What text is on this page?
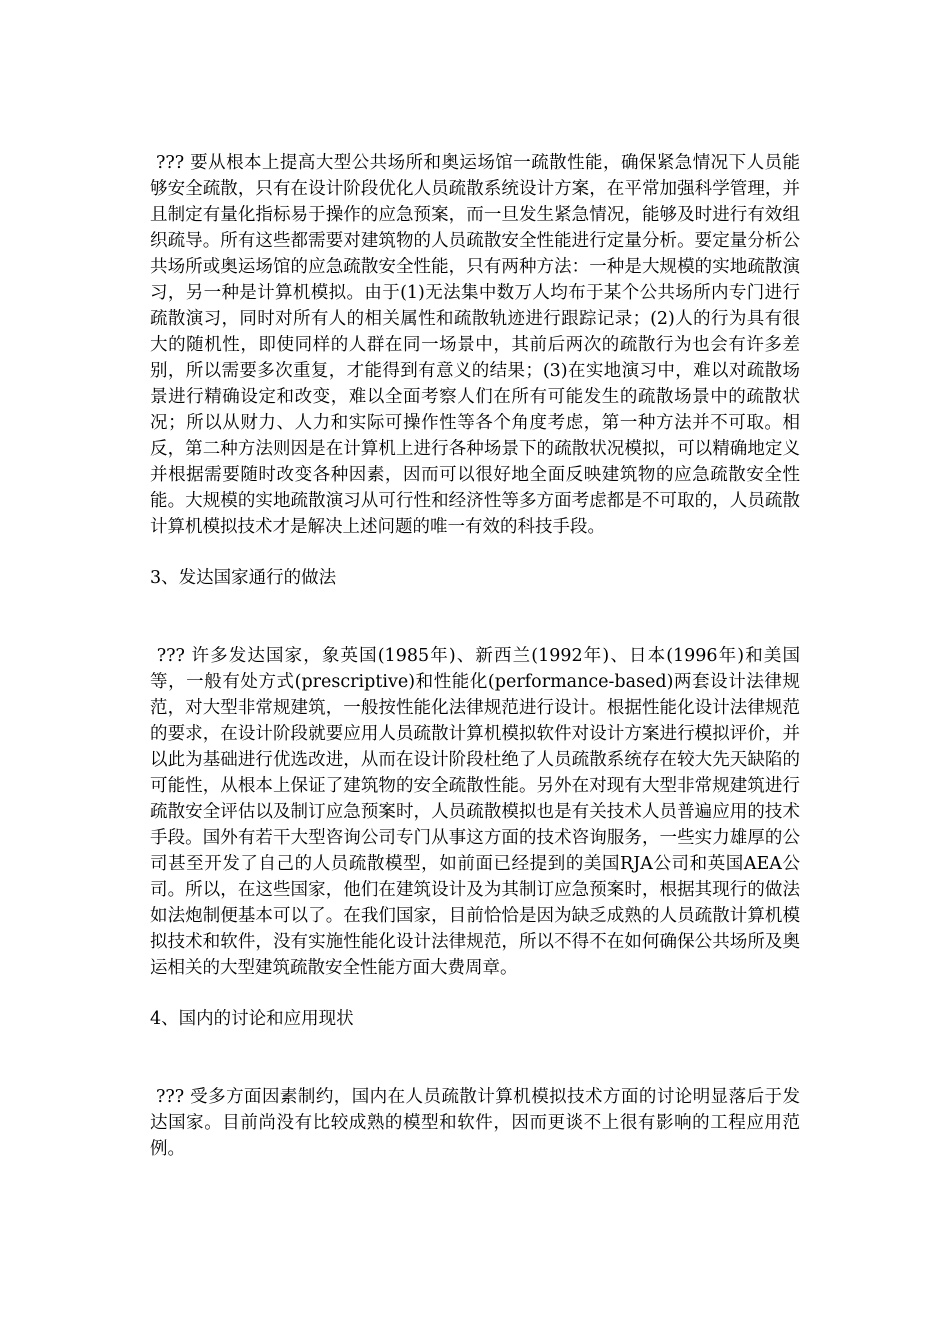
??? 要从根本上提高大型公共场所和奥运场馆一疏散性能，确保紧急情况下人员能够安全疏散，只有在设计阶段优化人员疏散系统设计方案，在平常加强科学管理，并且制定有量化指标易于操作的应急预案，而一旦发生紧急情况，能够及时进行有效组织疏导。所有这些都需要对建筑物的人员疏散安全性能进行定量分析。要定量分析公共场所或奥运场馆的应急疏散安全性能，只有两种方法：一种是大规模的实地疏散演习，另一种是计算机模拟。由于(1)无法集中数万人均布于某个公共场所内专门进行疏散演习，同时对所有人的相关属性和疏散轨迹进行跟踪记录；(2)人的行为具有很大的随机性，即使同样的人群在同一场景中，其前后两次的疏散行为也会有许多差别，所以需要多次重复，才能得到有意义的结果；(3)在实地演习中，难以对疏散场景进行精确设定和改变，难以全面考察人们在所有可能发生的疏散场景中的疏散状况；所以从财力、人力和实际可操作性等各个角度考虑，第一种方法并不可取。相反，第二种方法则因是在计算机上进行各种场景下的疏散状况模拟，可以精确地定义并根据需要随时改变各种因素，因而可以很好地全面反映建筑物的应急疏散安全性能。大规模的实地疏散演习从可行性和经济性等多方面考虑都是不可取的，人员疏散计算机模拟技术才是解决上述问题的唯一有效的科技手段。

3、发达国家通行的做法

??? 许多发达国家，象英国(1985年)、新西兰(1992年)、日本(1996年)和美国等，一般有处方式(prescriptive)和性能化(performance-based)两套设计法律规范，对大型非常规建筑，一般按性能化法律规范进行设计。根据性能化设计法律规范的要求，在设计阶段就要应用人员疏散计算机模拟软件对设计方案进行模拟评价，并以此为基础进行优选改进，从而在设计阶段杜绝了人员疏散系统存在较大先天缺陷的可能性，从根本上保证了建筑物的安全疏散性能。另外在对现有大型非常规建筑进行疏散安全评估以及制订应急预案时，人员疏散模拟也是有关技术人员普遍应用的技术手段。国外有若干大型咨询公司专门从事这方面的技术咨询服务，一些实力雄厚的公司甚至开发了自己的人员疏散模型，如前面已经提到的美国RJA公司和英国AEA公司。所以，在这些国家，他们在建筑设计及为其制订应急预案时，根据其现行的做法如法炮制便基本可以了。在我们国家，目前恰恰是因为缺乏成熟的人员疏散计算机模拟技术和软件，没有实施性能化设计法律规范，所以不得不在如何确保公共场所及奥运相关的大型建筑疏散安全性能方面大费周章。

4、国内的讨论和应用现状

??? 受多方面因素制约，国内在人员疏散计算机模拟技术方面的讨论明显落后于发达国家。目前尚没有比较成熟的模型和软件，因而更谈不上很有影响的工程应用范例。
